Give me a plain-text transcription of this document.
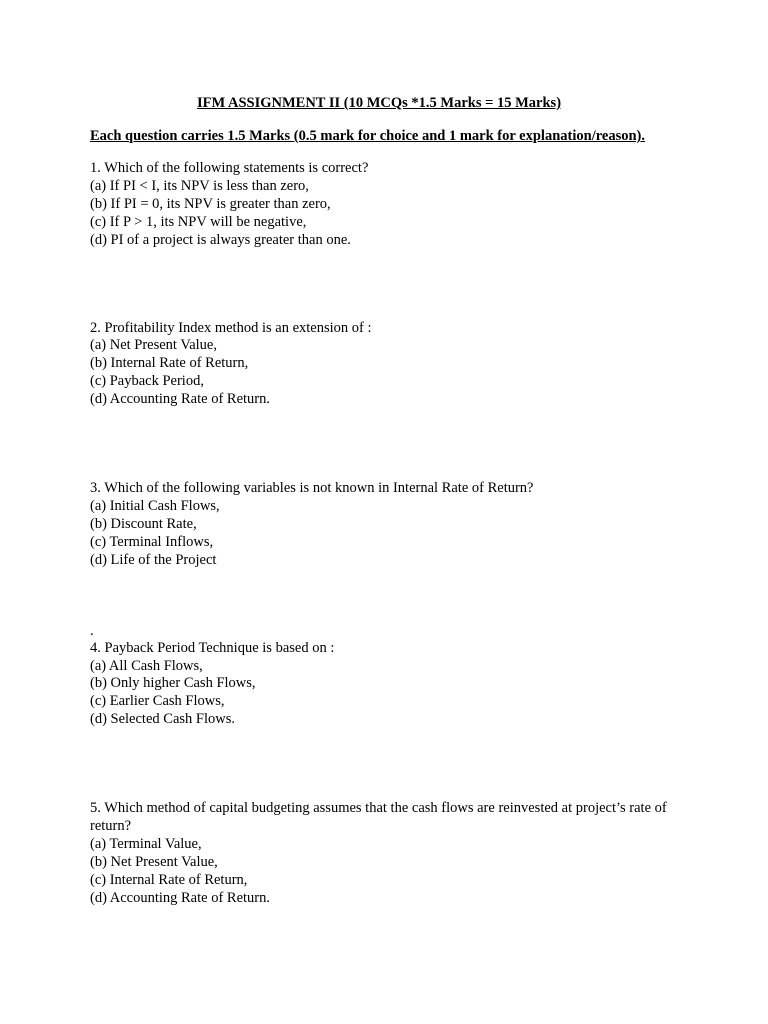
IFM ASSIGNMENT II (10 MCQs *1.5 Marks = 15 Marks)

Each question carries 1.5 Marks (0.5 mark for choice and 1 mark for explanation/reason).

1. Which of the following statements is correct?

(a) If PI < I, its NPV is less than zero,

(b) If PI = 0, its NPV is greater than zero,

(c) If P > 1, its NPV will be negative,

(d) PI of a project is always greater than one.

2. Profitability Index method is an extension of :

(a) Net Present Value,

(b) Internal Rate of Return,

(c) Payback Period,

(d) Accounting Rate of Return.

3. Which of the following variables is not known in Internal Rate of Return?

(a) Initial Cash Flows,

(b) Discount Rate,

(c) Terminal Inflows,

(d) Life of the Project

.

4. Payback Period Technique is based on :

(a) All Cash Flows,

(b) Only higher Cash Flows,

(c) Earlier Cash Flows,

(d) Selected Cash Flows.

5. Which method of capital budgeting assumes that the cash flows are reinvested at project’s rate of return?

(a) Terminal Value,

(b) Net Present Value,

(c) Internal Rate of Return,

(d) Accounting Rate of Return.
